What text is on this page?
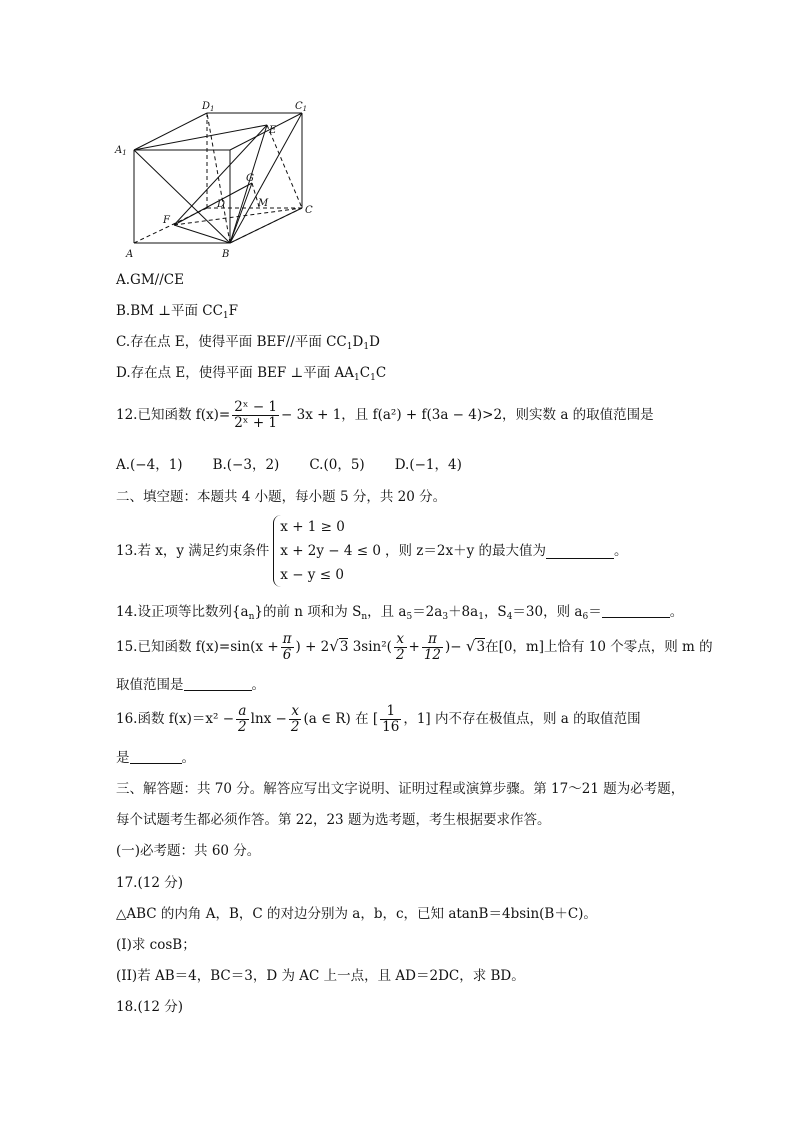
$D_1$	$C_1$
$A_1$
E
G
D	M
F
C
A	B
A.GM//CE
B.BM ⊥平面 $CC_1F$
C.存在点 E，使得平面 BEF//平面 $CC_1D_1D$
D.存在点 E，使得平面 BEF ⊥平面 $AA_1C_1C$
12.已知函数 $f(x)= \frac{\text{2ˣ − 1}}{\text{2ˣ + 1}} - 3x + 1$，且 f(a²) + f(3a − 4)>2，则实数 a 的取值范围是
A.(−4，1) B.(−3，2) C.(0，5) D.(−1，4)
二、填空题：本题共 4 小题，每小题 5 分，共 20 分。
13.若 x，y 满足约束条件
x + 1 ≥ 0
x + 2y − 4 ≤ 0
x − y ≤ 0
，则 z＝2x＋y 的最大值为	。
14.设正项等比数列$\{a_n\}$的前 n 项和为 $S_n$，且 $a_5=2a_3+8a_1$，$S_4=30$，则 $a_6=$	。
15.已知函数 $f(x)=\sin(x + \frac{\pi}{6}$ ) + 2√3 $3\sin^2( \frac{x}{2} + \frac{\pi}{12}$ )− √3在[0，m]上恰有 10 个零点，则 m 的
取值范围是	。
16.函数 $f(x)=x^2 - \frac{a}{2}$ $\ln x - \frac{x}{2} (a$ ∈ R) 在 [ $\frac{1}{16}$ ，1] 内不存在极值点，则 a 的取值范围
是	。
三、解答题：共 70 分。解答应写出文字说明、证明过程或演算步骤。第 17～21 题为必考题，
每个试题考生都必须作答。第 22，23 题为选考题，考生根据要求作答。
(一)必考题：共 60 分。
17.(12 分)
△ABC 的内角 A，B，C 的对边分别为 a，b，c，已知 atanB＝4bsin(B＋C)。
(I)求 cosB；
(II)若 AB＝4，BC＝3，D 为 AC 上一点，且 AD＝2DC，求 BD。
18.(12 分)
